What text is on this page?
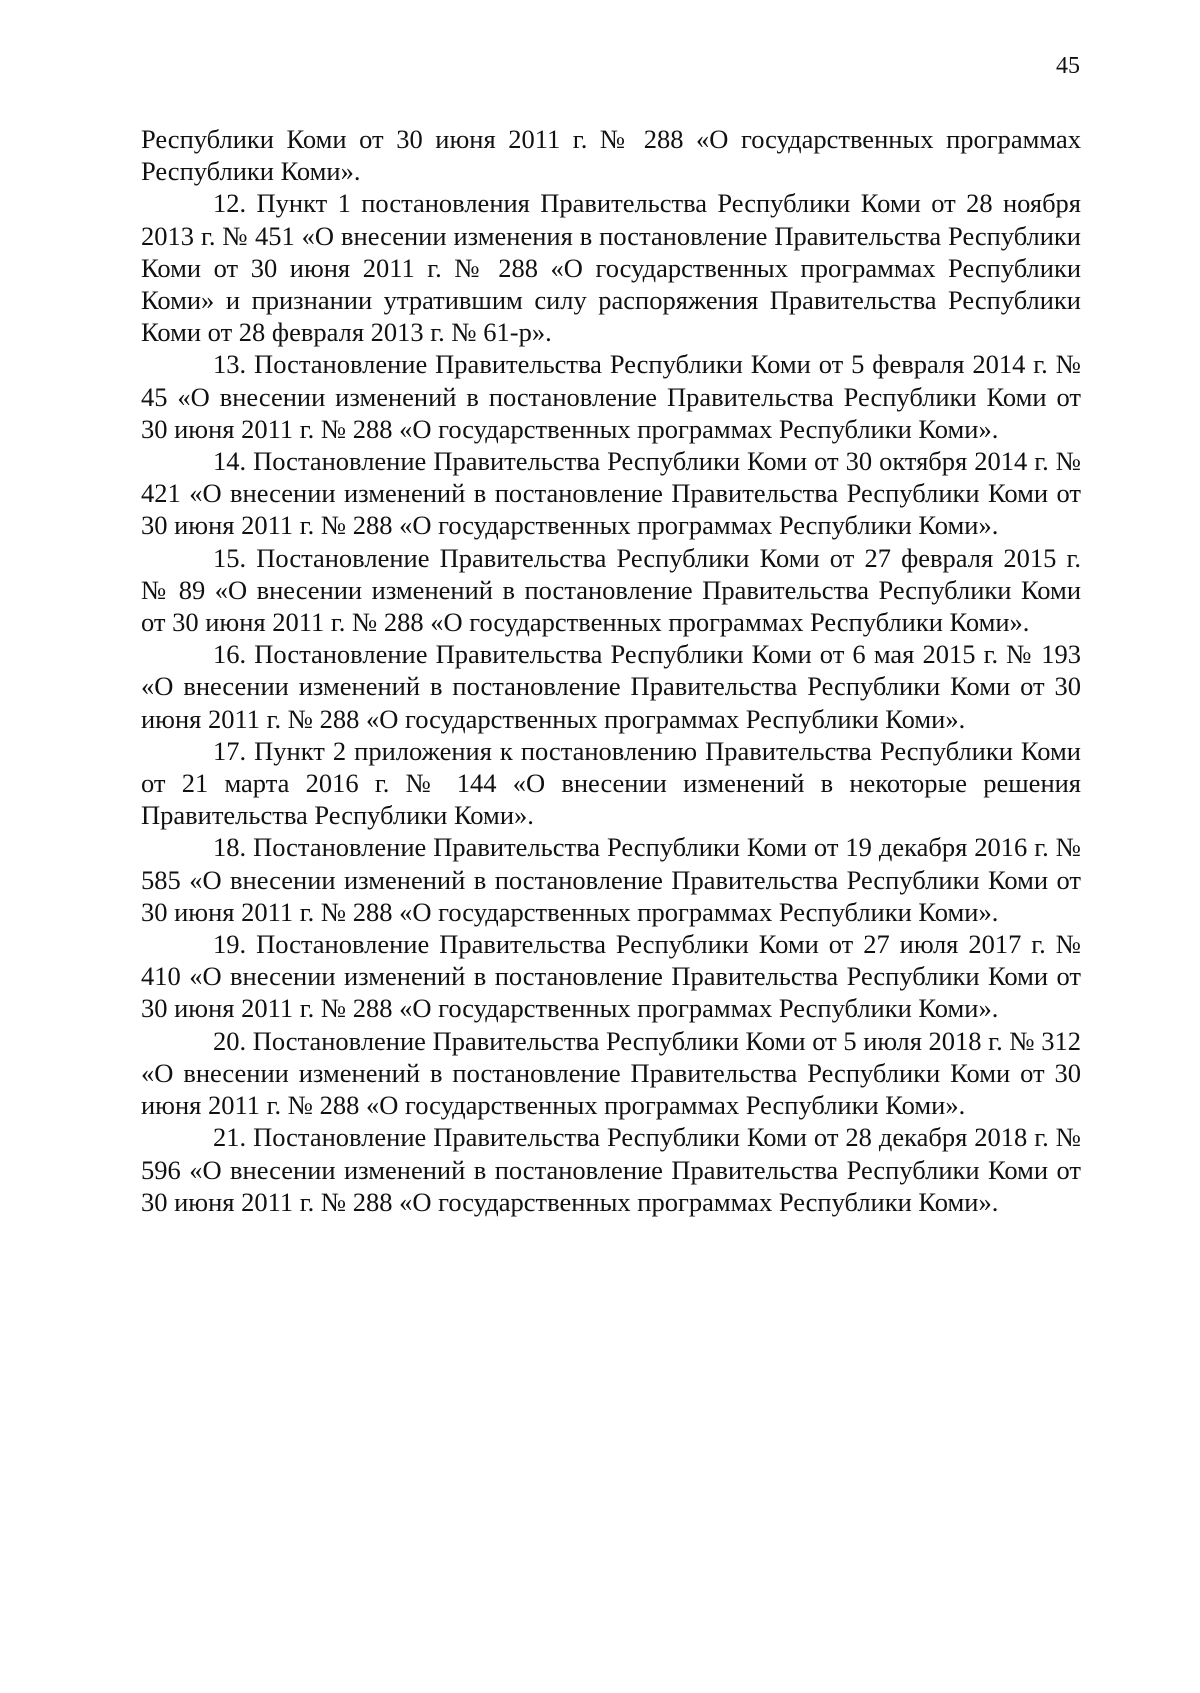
45

Республики Коми от 30 июня 2011 г. № 288 «О государственных программах Республики Коми».

12. Пункт 1 постановления Правительства Республики Коми от 28 ноября 2013 г. № 451 «О внесении изменения в постановление Правительства Республики Коми от 30 июня 2011 г. № 288 «О государственных программах Республики Коми» и признании утратившим силу распоряжения Правительства Республики Коми от 28 февраля 2013 г. № 61-р».

13. Постановление Правительства Республики Коми от 5 февраля 2014 г. № 45 «О внесении изменений в постановление Правительства Республики Коми от 30 июня 2011 г. № 288 «О государственных программах Республики Коми».

14. Постановление Правительства Республики Коми от 30 октября 2014 г. № 421 «О внесении изменений в постановление Правительства Республики Коми от 30 июня 2011 г. № 288 «О государственных программах Республики Коми».

15. Постановление Правительства Республики Коми от 27 февраля 2015 г. № 89 «О внесении изменений в постановление Правительства Республики Коми от 30 июня 2011 г. № 288 «О государственных программах Республики Коми».

16. Постановление Правительства Республики Коми от 6 мая 2015 г. № 193 «О внесении изменений в постановление Правительства Республики Коми от 30 июня 2011 г. № 288 «О государственных программах Республики Коми».

17. Пункт 2 приложения к постановлению Правительства Республики Коми от 21 марта 2016 г. № 144 «О внесении изменений в некоторые решения Правительства Республики Коми».

18. Постановление Правительства Республики Коми от 19 декабря 2016 г. № 585 «О внесении изменений в постановление Правительства Республики Коми от 30 июня 2011 г. № 288 «О государственных программах Республики Коми».

19. Постановление Правительства Республики Коми от 27 июля 2017 г. № 410 «О внесении изменений в постановление Правительства Республики Коми от 30 июня 2011 г. № 288 «О государственных программах Республики Коми».

20. Постановление Правительства Республики Коми от 5 июля 2018 г. № 312 «О внесении изменений в постановление Правительства Республики Коми от 30 июня 2011 г. № 288 «О государственных программах Республики Коми».

21. Постановление Правительства Республики Коми от 28 декабря 2018 г. № 596 «О внесении изменений в постановление Правительства Республики Коми от 30 июня 2011 г. № 288 «О государственных программах Республики Коми».
